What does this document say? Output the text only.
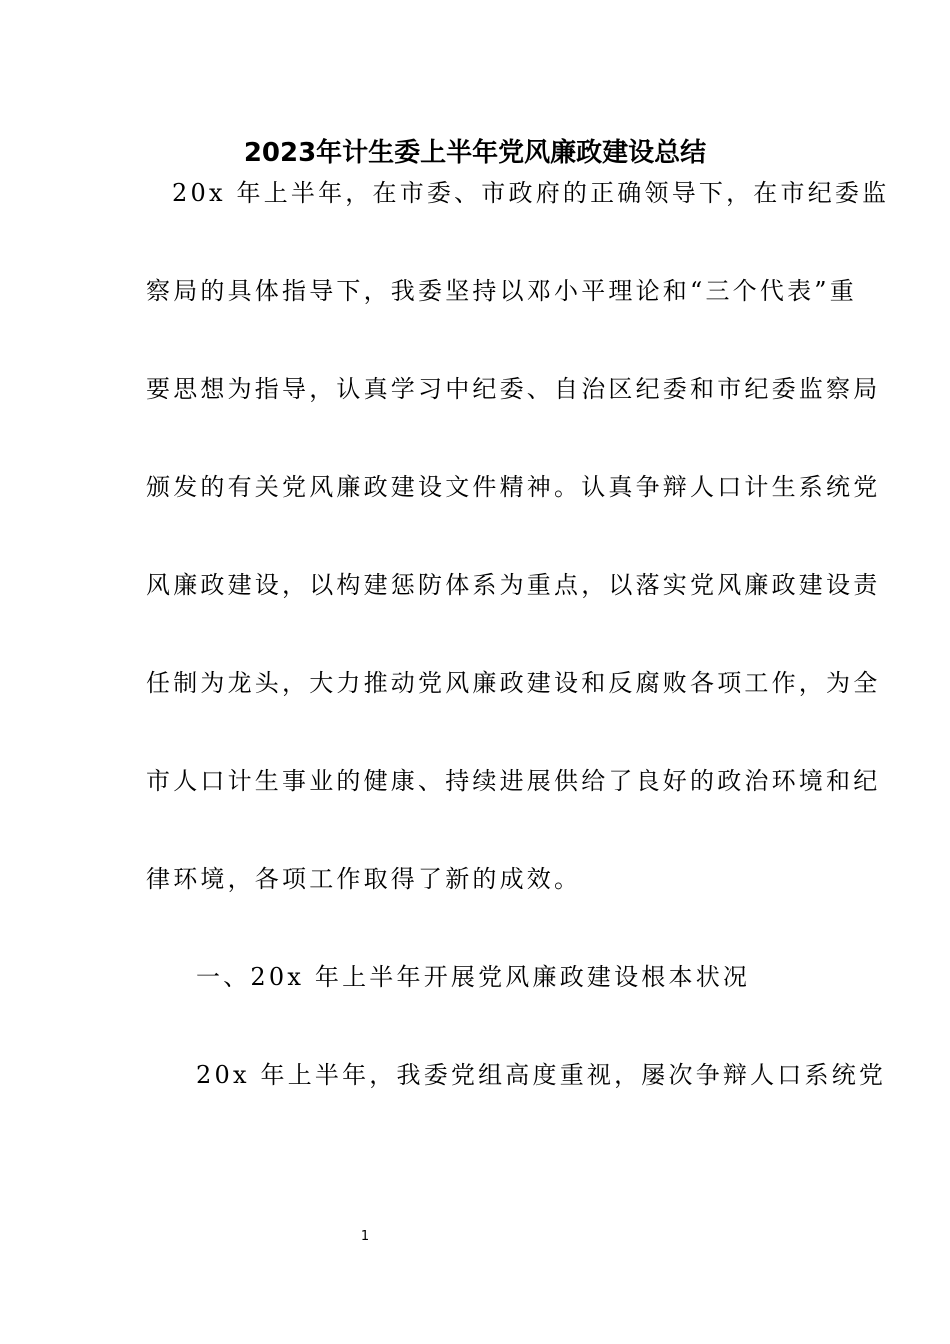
2023年计生委上半年党风廉政建设总结

20x 年上半年，在市委、市政府的正确领导下，在市纪委监

察局的具体指导下，我委坚持以邓小平理论和“三个代表”重

要思想为指导，认真学习中纪委、自治区纪委和市纪委监察局

颁发的有关党风廉政建设文件精神。认真争辩人口计生系统党

风廉政建设，以构建惩防体系为重点，以落实党风廉政建设责

任制为龙头，大力推动党风廉政建设和反腐败各项工作，为全

市人口计生事业的健康、持续进展供给了良好的政治环境和纪

律环境，各项工作取得了新的成效。

一、20x 年上半年开展党风廉政建设根本状况

20x 年上半年，我委党组高度重视，屡次争辩人口系统党

1
